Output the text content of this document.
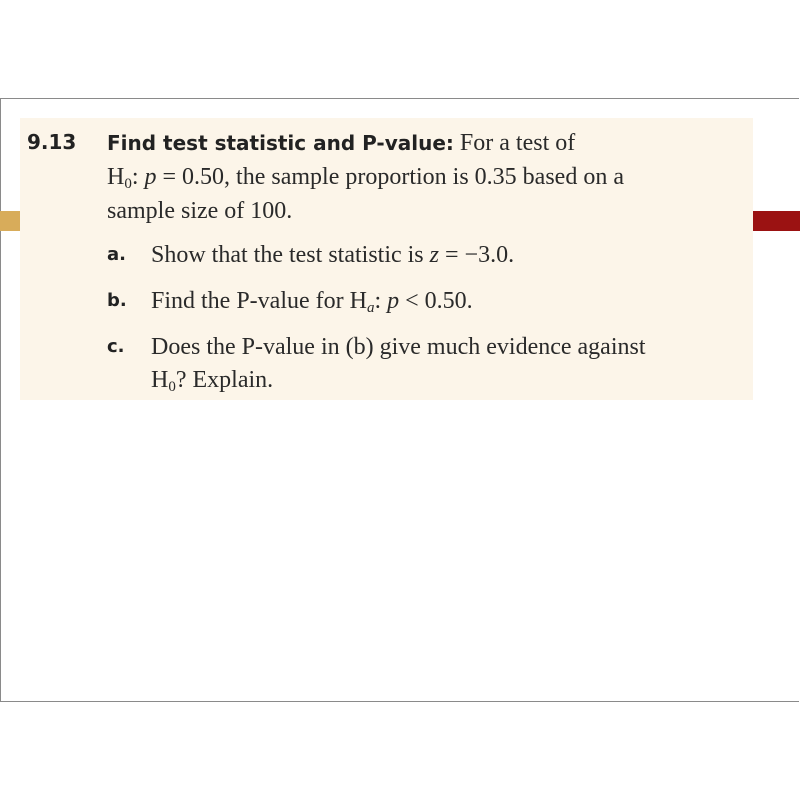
9.13 Find test statistic and P-value: For a test of
$H_0$: p = 0.50, the sample proportion is 0.35 based on a
sample size of 100.
a. Show that the test statistic is z = −3.0.
b. Find the P-value for $H_a$: p < 0.50.
c. Does the P-value in (b) give much evidence against
$H_0$? Explain.
